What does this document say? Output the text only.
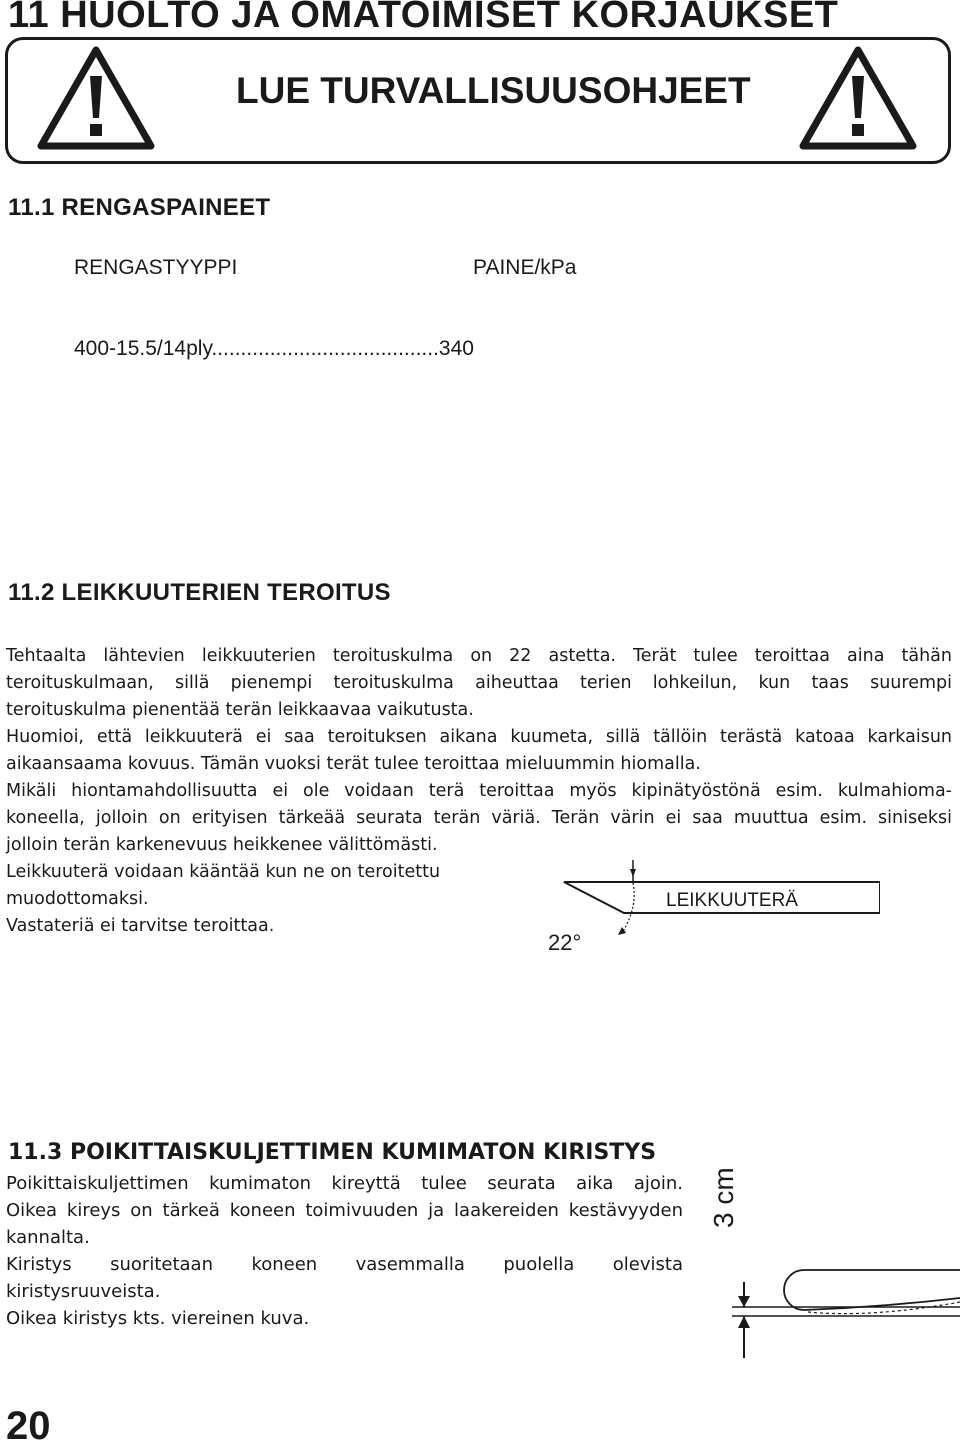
11 HUOLTO JA OMATOIMISET KORJAUKSET
LUE TURVALLISUUSOHJEET
11.1 RENGASPAINEET
RENGASTYYPPI	PAINE/kPa
400-15.5/14ply.......................................340
11.2 LEIKKUUTERIEN TEROITUS
Tehtaalta lähtevien leikkuuterien teroituskulma on 22 astetta. Terät tulee teroittaa aina tähän
teroituskulmaan, sillä pienempi teroituskulma aiheuttaa terien lohkeilun, kun taas suurempi
teroituskulma pienentää terän leikkaavaa vaikutusta.
Huomioi, että leikkuuterä ei saa teroituksen aikana kuumeta, sillä tällöin terästä katoaa karkaisun
aikaansaama kovuus. Tämän vuoksi terät tulee teroittaa mieluummin hiomalla.
Mikäli hiontamahdollisuutta ei ole voidaan terä teroittaa myös kipinätyöstönä esim. kulmahioma-
koneella, jolloin on erityisen tärkeää seurata terän väriä. Terän värin ei saa muuttua esim. siniseksi
jolloin terän karkenevuus heikkenee välittömästi.
Leikkuuterä voidaan kääntää kun ne on teroitettu
muodottomaksi.
Vastateriä ei tarvitse teroittaa.
LEIKKUUTERÄ
22°
11.3 POIKITTAISKULJETTIMEN KUMIMATON KIRISTYS
Poikittaiskuljettimen kumimaton kireyttä tulee seurata aika ajoin.
Oikea kireys on tärkeä koneen toimivuuden ja laakereiden kestävyyden
kannalta.
Kiristys suoritetaan koneen vasemmalla puolella olevista
kiristysruuveista.
Oikea kiristys kts. viereinen kuva.
3 cm
20
